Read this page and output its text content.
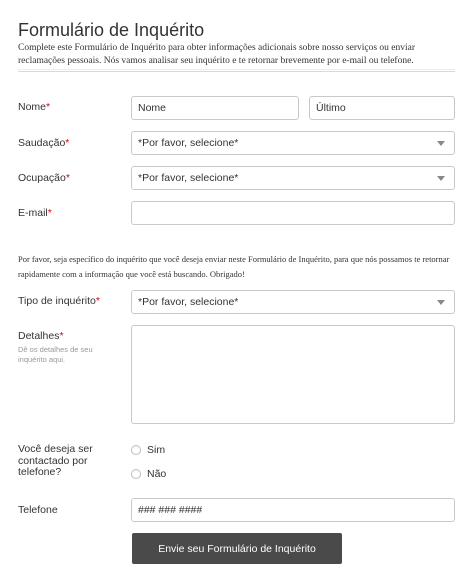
Formulário de Inquérito
Complete este Formulário de Inquérito para obter informações adicionais sobre nosso serviços ou enviar reclamações pessoais. Nós vamos analisar seu inquérito e te retornar brevemente por e-mail ou telefone.
Nome*	Nome	Último
Saudação*	*Por favor, selecione*
Ocupação*	*Por favor, selecione*
E-mail*
Por favor, seja específico do inquérito que você deseja enviar neste Formulário de Inquérito, para que nós possamos te retornar rapidamente com a informação que você está buscando. Obrigado!
Tipo de inquérito*	*Por favor, selecione*
Detalhes*
Dê os detalhes de seu inquérito aqui.
Você deseja ser contactado por telefone?
Sim
Não
Telefone	### ### ####
Envie seu Formulário de Inquérito
